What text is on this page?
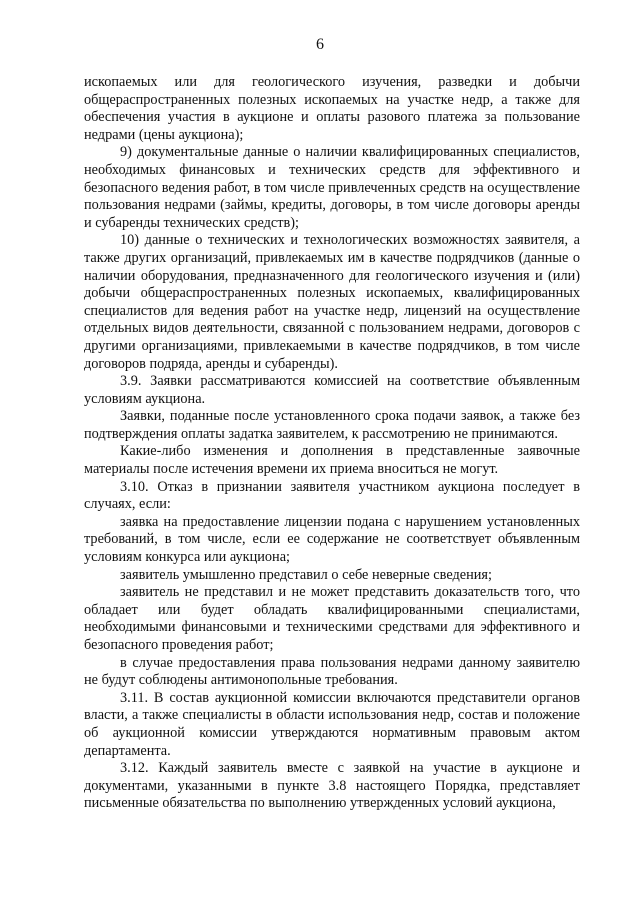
6

ископаемых или для геологического изучения, разведки и добычи общераспространенных полезных ископаемых на участке недр, а также для обеспечения участия в аукционе и оплаты разового платежа за пользование недрами (цены аукциона);

9) документальные данные о наличии квалифицированных специалистов, необходимых финансовых и технических средств для эффективного и безопасного ведения работ, в том числе привлеченных средств на осуществление пользования недрами (займы, кредиты, договоры, в том числе договоры аренды и субаренды технических средств);

10) данные о технических и технологических возможностях заявителя, а также других организаций, привлекаемых им в качестве подрядчиков (данные о наличии оборудования, предназначенного для геологического изучения и (или) добычи общераспространенных полезных ископаемых, квалифицированных специалистов для ведения работ на участке недр, лицензий на осуществление отдельных видов деятельности, связанной с пользованием недрами, договоров с другими организациями, привлекаемыми в качестве подрядчиков, в том числе договоров подряда, аренды и субаренды).

3.9. Заявки рассматриваются комиссией на соответствие объявленным условиям аукциона.

Заявки, поданные после установленного срока подачи заявок, а также без подтверждения оплаты задатка заявителем, к рассмотрению не принимаются.

Какие-либо изменения и дополнения в представленные заявочные материалы после истечения времени их приема вноситься не могут.

3.10. Отказ в признании заявителя участником аукциона последует в случаях, если:

заявка на предоставление лицензии подана с нарушением установленных требований, в том числе, если ее содержание не соответствует объявленным условиям конкурса или аукциона;

заявитель умышленно представил о себе неверные сведения;

заявитель не представил и не может представить доказательств того, что обладает или будет обладать квалифицированными специалистами, необходимыми финансовыми и техническими средствами для эффективного и безопасного проведения работ;

в случае предоставления права пользования недрами данному заявителю не будут соблюдены антимонопольные требования.

3.11. В состав аукционной комиссии включаются представители органов власти, а также специалисты в области использования недр, состав и положение об аукционной комиссии утверждаются нормативным правовым актом департамента.

3.12. Каждый заявитель вместе с заявкой на участие в аукционе и документами, указанными в пункте 3.8 настоящего Порядка, представляет письменные обязательства по выполнению утвержденных условий аукциона,
